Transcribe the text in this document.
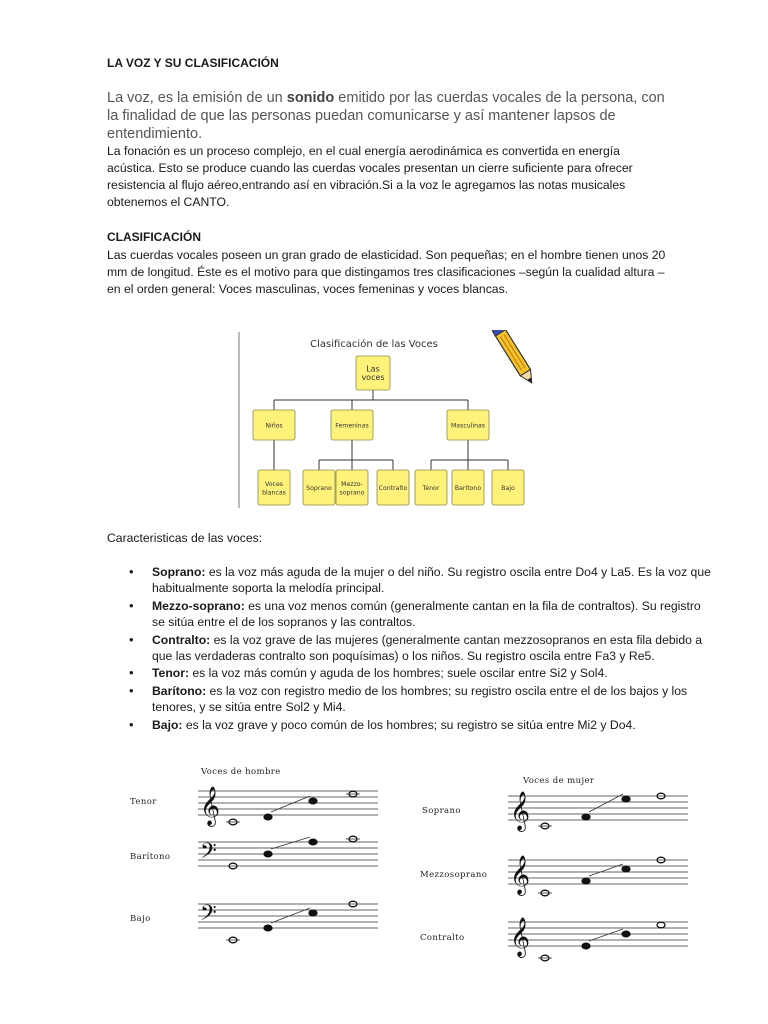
LA VOZ Y SU CLASIFICACIÓN
La voz, es la emisión de un sonido emitido por las cuerdas vocales de la persona, con la finalidad de que las personas puedan comunicarse y así mantener lapsos de entendimiento.
La fonación es un proceso complejo, en el cual energía aerodinámica es convertida en energía acústica. Esto se produce cuando las cuerdas vocales presentan un cierre suficiente para ofrecer resistencia al flujo aéreo,entrando así en vibración.Si a la voz le agregamos las notas musicales obtenemos el CANTO.
CLASIFICACIÓN
Las cuerdas vocales poseen un gran grado de elasticidad. Son pequeñas; en el hombre tienen unos 20 mm de longitud. Éste es el motivo para que distingamos tres clasificaciones –según la cualidad altura –en el orden general: Voces masculinas, voces femeninas y voces blancas.
Clasificación de las Voces
Las
voces
Niños	Femeninas	Masculinas
Voces
blancas
Soprano
Mezzo-
soprano
Contralto Tenor Barítono	Bajo
Caracteristicas de las voces:
• Soprano: es la voz más aguda de la mujer o del niño. Su registro oscila entre Do4 y La5. Es la voz que habitualmente soporta la melodía principal.
• Mezzo-soprano: es una voz menos común (generalmente cantan en la fila de contraltos). Su registro se sitúa entre el de los sopranos y las contraltos.
• Contralto: es la voz grave de las mujeres (generalmente cantan mezzosopranos en esta fila debido a que las verdaderas contralto son poquísimas) o los niños. Su registro oscila entre Fa3 y Re5.
• Tenor: es la voz más común y aguda de los hombres; suele oscilar entre Si2 y Sol4.
• Barítono: es la voz con registro medio de los hombres; su registro oscila entre el de los bajos y los tenores, y se sitúa entre Sol2 y Mi4.
• Bajo: es la voz grave y poco común de los hombres; su registro se sitúa entre Mi2 y Do4.
Voces de hombre
Tenor
Barítono
Bajo
𝄞
𝄢
𝄢
Voces de mujer
Soprano
Mezzosoprano
Contralto
𝄞
𝄞
𝄞
